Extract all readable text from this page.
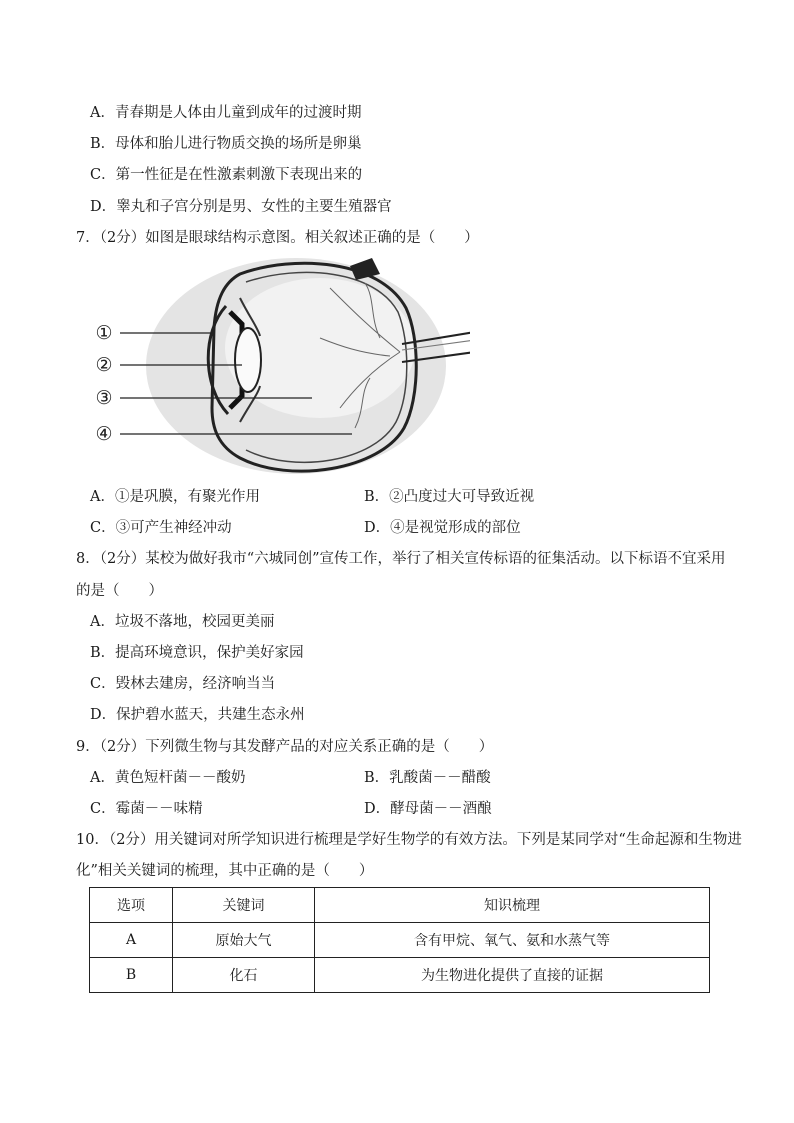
A．青春期是人体由儿童到成年的过渡时期
B．母体和胎儿进行物质交换的场所是卵巢
C．第一性征是在性激素刺激下表现出来的
D．睾丸和子宫分别是男、女性的主要生殖器官
7．（2分）如图是眼球结构示意图。相关叙述正确的是（　　）
①
②
③
④
A．①是巩膜，有聚光作用	B．②凸度过大可导致近视
C．③可产生神经冲动	D．④是视觉形成的部位
8．（2分）某校为做好我市“六城同创”宣传工作，举行了相关宣传标语的征集活动。以下标语不宜采用
的是（　　）
A．垃圾不落地，校园更美丽
B．提高环境意识，保护美好家园
C．毁林去建房，经济响当当
D．保护碧水蓝天，共建生态永州
9．（2分）下列微生物与其发酵产品的对应关系正确的是（　　）
A．黄色短杆菌－－酸奶	B．乳酸菌－－醋酸
C．霉菌－－味精	D．酵母菌－－酒酿
10．（2分）用关键词对所学知识进行梳理是学好生物学的有效方法。下列是某同学对“生命起源和生物进
化”相关关键词的梳理，其中正确的是（　　）
选项	关键词	知识梳理
A	原始大气	含有甲烷、氧气、氨和水蒸气等
B	化石	为生物进化提供了直接的证据
